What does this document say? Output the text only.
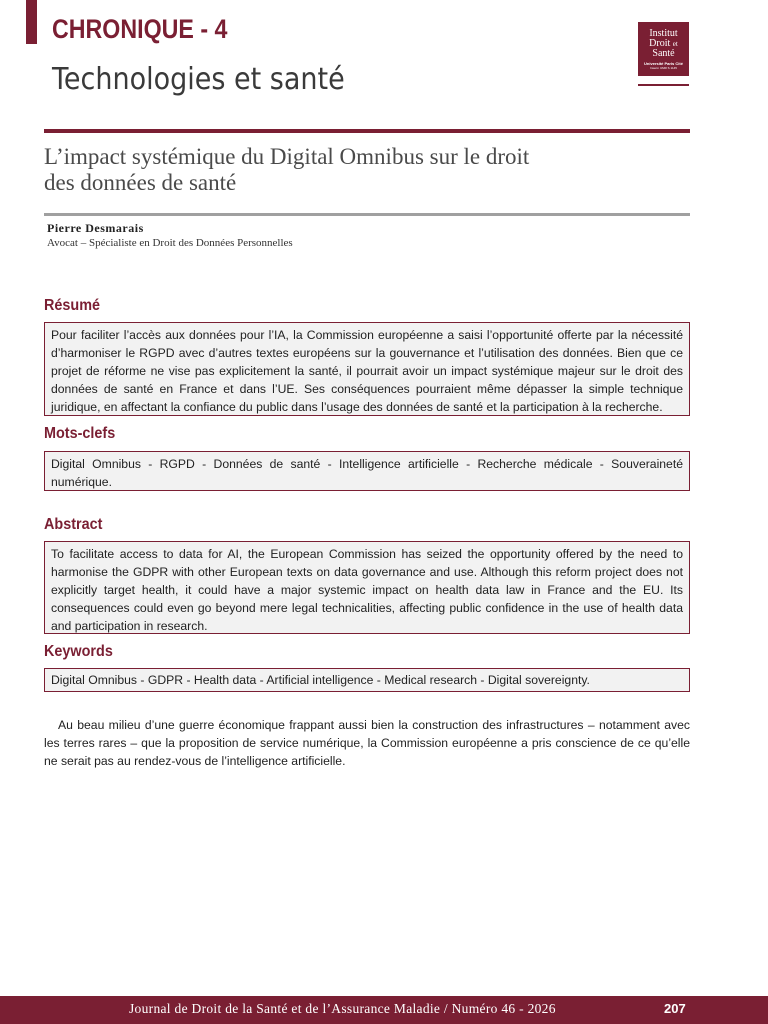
CHRONIQUE - 4
Technologies et santé
Institut
Droit et
Santé
Université Paris Cité
Inserm UMR S 1145
L’impact systémique du Digital Omnibus sur le droit
des données de santé
Pierre Desmarais
Avocat – Spécialiste en Droit des Données Personnelles
Résumé
Pour faciliter l’accès aux données pour l’IA, la Commission européenne a saisi l’opportunité offerte par la nécessité d’harmoniser le RGPD avec d’autres textes européens sur la gouvernance et l’utilisation des données. Bien que ce projet de réforme ne vise pas explicitement la santé, il pourrait avoir un impact systémique majeur sur le droit des données de santé en France et dans l’UE. Ses conséquences pourraient même dépasser la simple technique juridique, en affectant la confiance du public dans l’usage des données de santé et la participation à la recherche.
Mots-clefs
Digital Omnibus - RGPD - Données de santé - Intelligence artificielle - Recherche médicale - Souveraineté numérique.
Abstract
To facilitate access to data for AI, the European Commission has seized the opportunity offered by the need to harmonise the GDPR with other European texts on data governance and use. Although this reform project does not explicitly target health, it could have a major systemic impact on health data law in France and the EU. Its consequences could even go beyond mere legal technicalities, affecting public confidence in the use of health data and participation in research.
Keywords
Digital Omnibus - GDPR - Health data - Artificial intelligence - Medical research - Digital sovereignty.
Au beau milieu d’une guerre économique frappant aussi bien la construction des infrastructures – notamment avec les terres rares – que la proposition de service numérique, la Commission européenne a pris conscience de ce qu’elle ne serait pas au rendez-vous de l’intelligence artificielle.
Journal de Droit de la Santé et de l’Assurance Maladie / Numéro 46 - 2026	207
